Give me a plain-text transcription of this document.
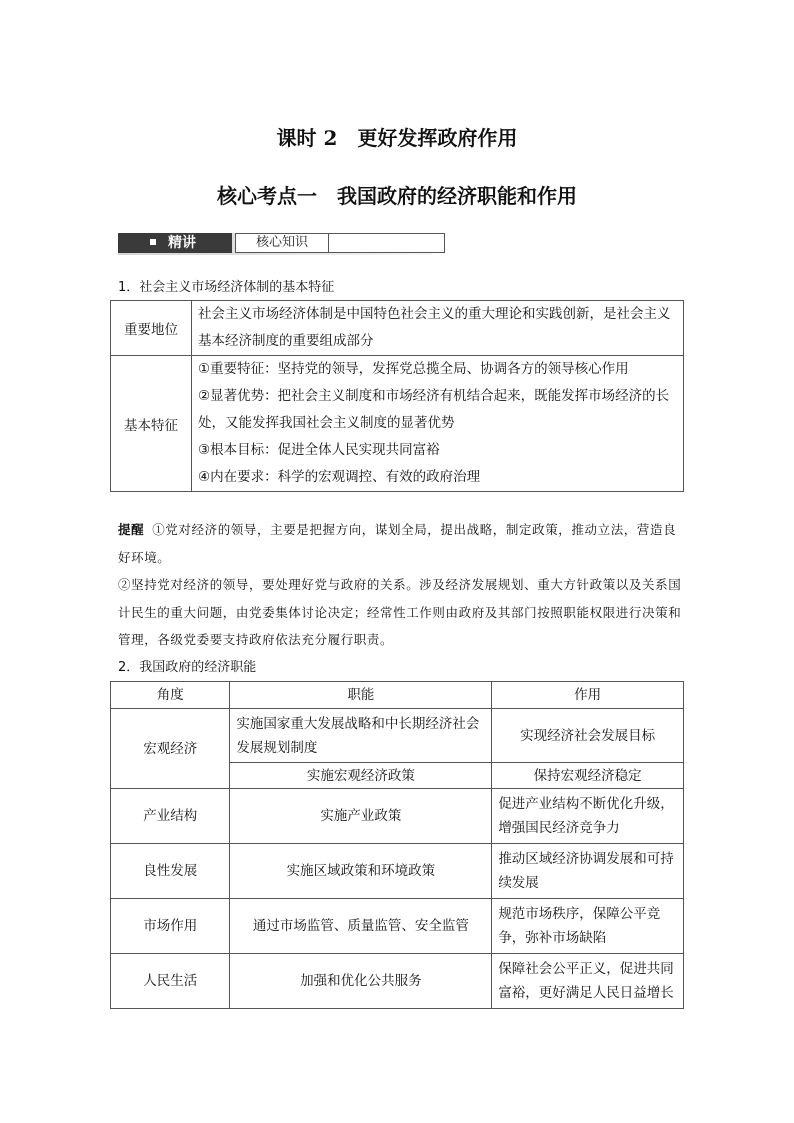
课时 2　更好发挥政府作用
核心考点一　我国政府的经济职能和作用
精讲	核心知识
1．社会主义市场经济体制的基本特征
重要地位	社会主义市场经济体制是中国特色社会主义的重大理论和实践创新，是社会主义基本经济制度的重要组成部分

基本特征	①重要特征：坚持党的领导，发挥党总揽全局、协调各方的领导核心作用
②显著优势：把社会主义制度和市场经济有机结合起来，既能发挥市场经济的长处，又能发挥我国社会主义制度的显著优势
③根本目标：促进全体人民实现共同富裕
④内在要求：科学的宏观调控、有效的政府治理
提醒 ①党对经济的领导，主要是把握方向，谋划全局，提出战略，制定政策，推动立法，营造良好环境。
②坚持党对经济的领导，要处理好党与政府的关系。涉及经济发展规划、重大方针政策以及关系国计民生的重大问题，由党委集体讨论决定；经常性工作则由政府及其部门按照职能权限进行决策和管理，各级党委要支持政府依法充分履行职责。
2．我国政府的经济职能
角度	职能	作用
宏观经济	实施国家重大发展战略和中长期经济社会发展规划制度	实现经济社会发展目标
	实施宏观经济政策	保持宏观经济稳定
产业结构	实施产业政策	促进产业结构不断优化升级，增强国民经济竞争力
良性发展	实施区域政策和环境政策	推动区域经济协调发展和可持续发展
市场作用	通过市场监管、质量监管、安全监管	规范市场秩序，保障公平竞争，弥补市场缺陷
人民生活	加强和优化公共服务	保障社会公平正义，促进共同富裕，更好满足人民日益增长
